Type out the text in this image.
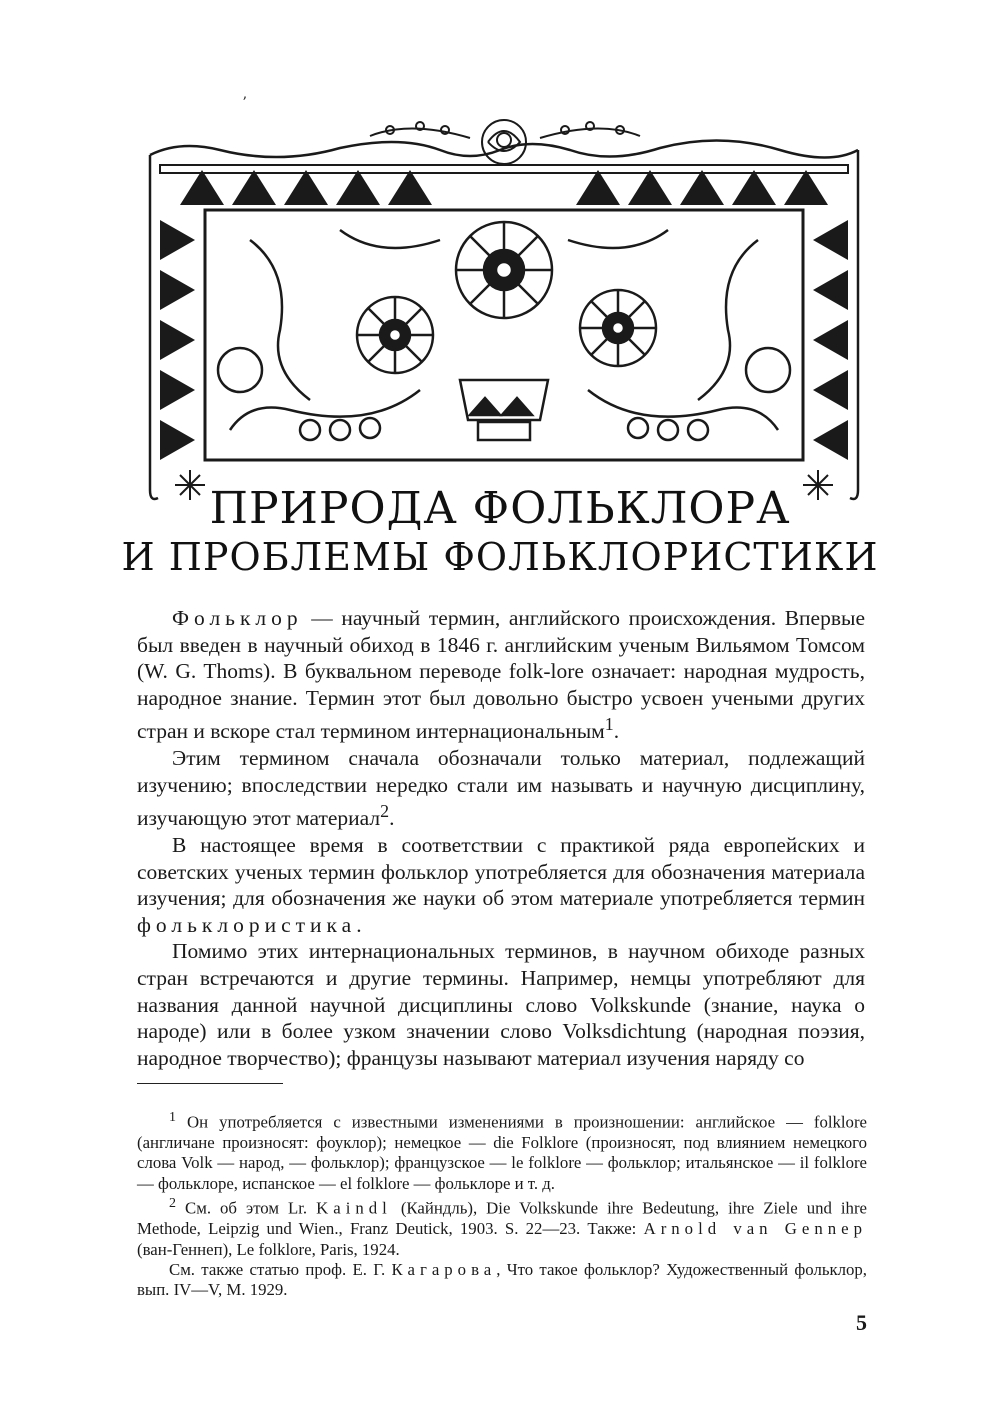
ПРИРОДА ФОЛЬКЛОРА
И ПРОБЛЕМЫ ФОЛЬКЛОРИСТИКИ

Фольклор — научный термин, английского происхождения. Впервые был введен в научный обиход в 1846 г. английским ученым Вильямом Томсом (W. G. Thoms). В буквальном переводе folk-lore означает: народная мудрость, народное знание. Термин этот был довольно быстро усвоен учеными других стран и вскоре стал термином интернациональным$^1$.

Этим термином сначала обозначали только материал, подлежащий изучению; впоследствии нередко стали им называть и научную дисциплину, изучающую этот материал$^2$.

В настоящее время в соответствии с практикой ряда европейских и советских ученых термин фольклор употребляется для обозначения материала изучения; для обозначения же науки об этом материале употребляется термин фольклористика.

Помимо этих интернациональных терминов, в научном обиходе разных стран встречаются и другие термины. Например, немцы употребляют для названия данной научной дисциплины слово Volkskunde (знание, наука о народе) или в более узком значении слово Volksdichtung (народная поэзия, народное творчество); французы называют материал изучения наряду со

$^1$ Он употребляется с известными изменениями в произношении: английское — folklore (англичане произносят: фоуклор); немецкое — die Folklore (произносят, под влиянием немецкого слова Volk — народ, — фольклор); французское — le folklore — фольклор; итальянское — il folklore — фольклоре, испанское — el folklore — фольклоре и т. д.

$^2$ См. об этом Lr. Kaindl (Кайндль), Die Volkskunde ihre Bedeutung, ihre Ziele und ihre Methode, Leipzig und Wien., Franz Deutick, 1903. S. 22—23. Также: Arnold van Gennep (ван-Геннеп), Le folklore, Paris, 1924.

См. также статью проф. Е. Г. Кагарова, Что такое фольклор? Художественный фольклор, вып. IV—V, М. 1929.

5
ʼ
